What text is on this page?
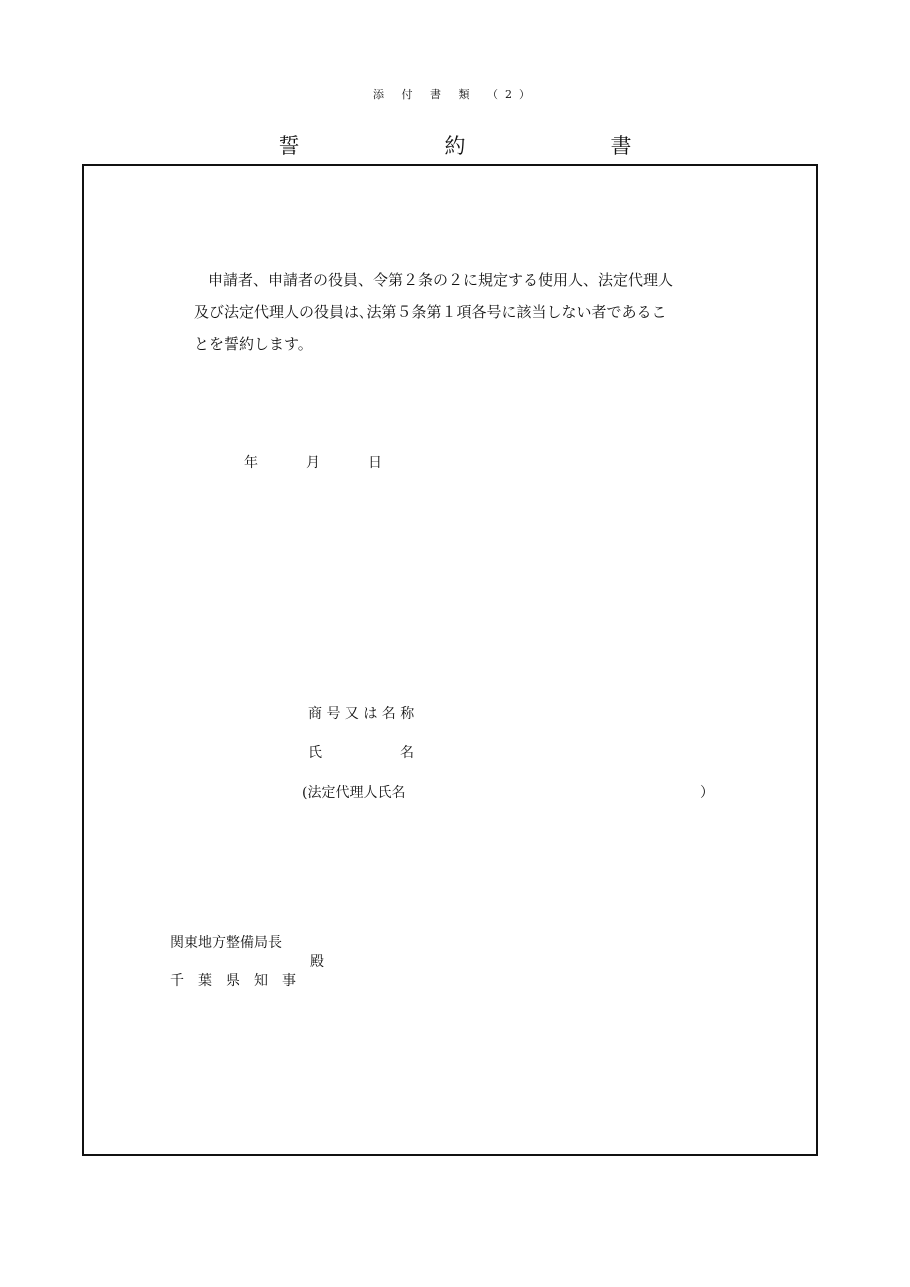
添 付 書 類 （2）
誓　約　書
申請者、申請者の役員、令第２条の２に規定する使用人、法定代理人
及び法定代理人の役員は､法第５条第１項各号に該当しない者であるこ
とを誓約します。
年	月	日
商 号 又 は 名 称
氏	名
(法定代理人氏名	）
関東地方整備局長
千　葉　県　知　事
殿
